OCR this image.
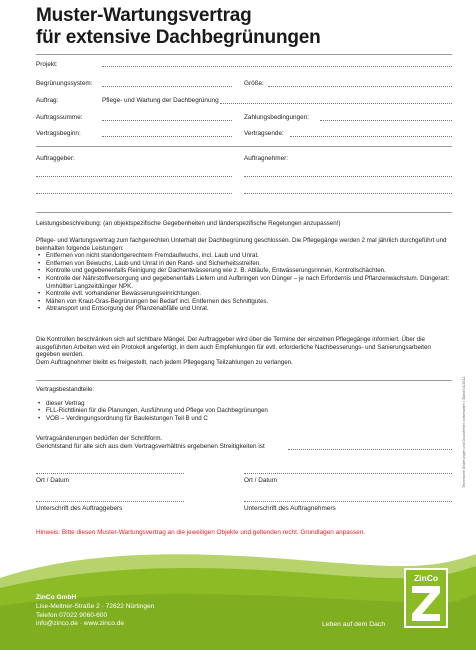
Muster-Wartungsvertrag
für extensive Dachbegrünungen
Projekt:
Begrünungssystem:	Größe:
Auftrag:	Pflege- und Wartung der Dachbegrünung
Auftragssumme:	Zahlungsbedingungen:
Vertragsbeginn:	Vertragsende:
Auftraggeber:	Auftragnehmer:
Leistungsbeschreibung: (an objektspezifische Gegebenheiten und länderspezifische Regelungen anzupassen!)

Pflege- und Wartungsvertrag zum fachgerechten Unterhalt der Dachbegrünung geschlossen. Die Pflegegänge werden 2 mal jährlich durchgeführt und beinhalten folgende Leistungen:

• Entfernen von nicht standortgerechtem Fremdaufwuchs, incl. Laub und Unrat.
• Entfernen von Bewuchs, Laub und Unrat in den Rand- und Sicherheitsstreifen.
• Kontrolle und gegebenenfalls Reinigung der Dachentwässerung wie z. B. Abläufe, Entwässerungsrinnen, Kontrollschächten.
• Kontrolle der Nährstoffversorgung und gegebenenfalls Liefern und Aufbringen von Dünger – je nach Erfordernis und Pflanzenwachstum. Düngerart: Umhüllter Langzeitdünger NPK.
• Kontrolle evtl. vorhandener Bewässerungseinrichtungen.
• Mähen von Kraut-Gras-Begrünungen bei Bedarf incl. Entfernen des Schnittgutes.
• Abtransport und Entsorgung der Pflanzenabfälle und Unrat.

Die Kontrollen beschränken sich auf sichtbare Mängel. Der Auftraggeber wird über die Termine der einzelnen Pflegegänge informiert. Über die ausgeführten Arbeiten wird ein Protokoll angefertigt, in dem auch Empfehlungen für evtl. erforderliche Nachbesserungs- und Sanierungsarbeiten gegeben werden.

Dem Auftragnehmer bleibt es freigestellt, nach jedem Pflegegang Teilzahlungen zu verlangen.

Vertragsbestandteile:

• dieser Vertrag
• FLL-Richtlinien für die Planungen, Ausführung und Pflege von Dachbegrünungen
• VOB – Verdingungsordnung für Bauleistungen Teil B und C
Vertragsänderungen bedürfen der Schriftform.
Gerichtstand für alle sich aus dem Vertragsverhältnis ergebenen Streitigkeiten ist
Ort / Datum	Ort / Datum
Unterschrift des Auftraggebers	Unterschrift des Auftragnehmers
Hinweis: Bitte diesen Muster-Wartungsvertrag an die jeweiligen Objekte und geltenden recht. Grundlagen anpassen.
Technische Änderungen und Druckfehler vorbehalten • Stand 01/2012
ZinCo GmbH
Lise-Meitner-Straße 2 · 72622 Nürtingen
Telefon 07022 9060-600
info@zinco.de · www.zinco.de	Leben auf dem Dach
ZinCo
